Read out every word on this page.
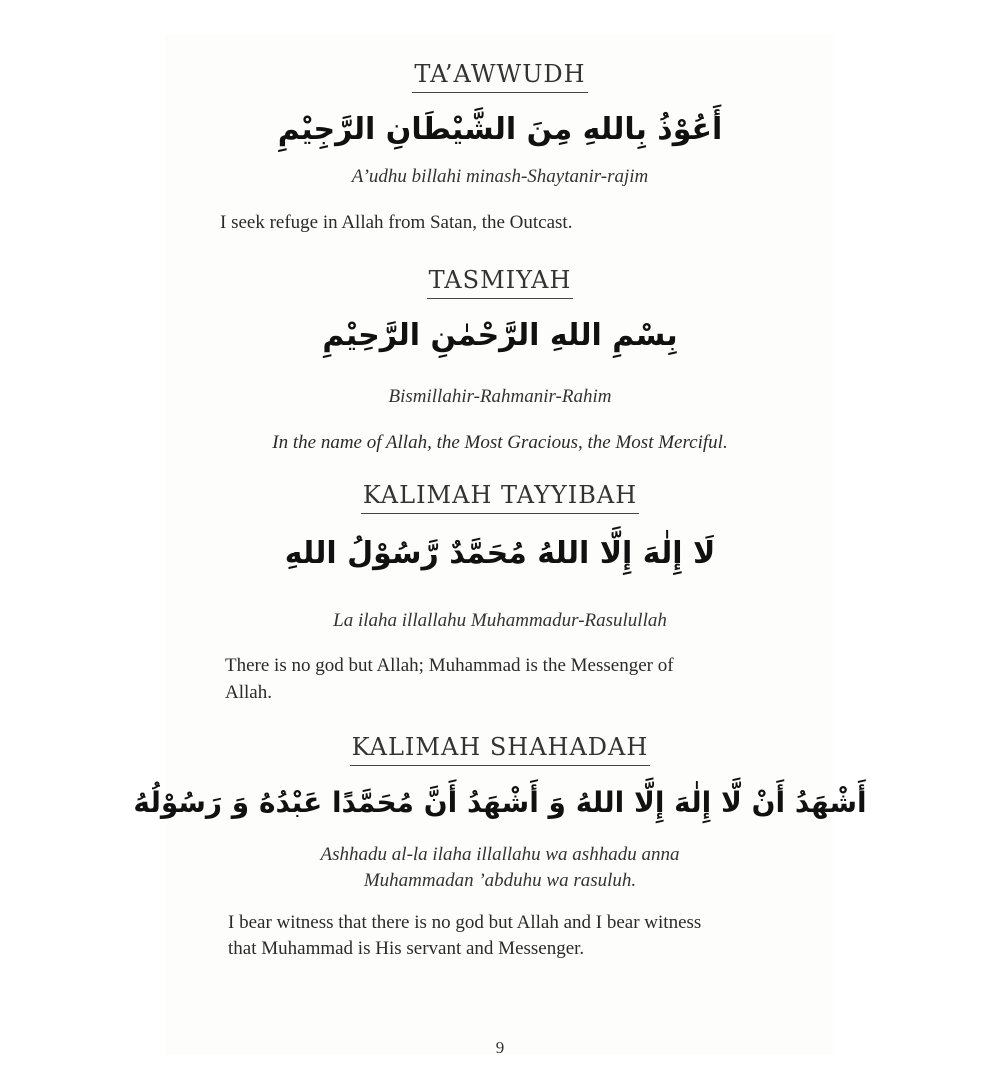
TA’AWWUDH
أَعُوْذُ بِاللهِ مِنَ الشَّيْطَانِ الرَّجِيْمِ
A’udhu billahi minash-Shaytanir-rajim
I seek refuge in Allah from Satan, the Outcast.
TASMIYAH
بِسْمِ اللهِ الرَّحْمٰنِ الرَّحِيْمِ
Bismillahir-Rahmanir-Rahim
In the name of Allah, the Most Gracious, the Most Merciful.
KALIMAH TAYYIBAH
لَا إِلٰهَ إِلَّا اللهُ مُحَمَّدٌ رَّسُوْلُ اللهِ
La ilaha illallahu Muhammadur-Rasulullah
There is no god but Allah; Muhammad is the Messenger of
Allah.
KALIMAH SHAHADAH
أَشْهَدُ أَنْ لَّا إِلٰهَ إِلَّا اللهُ وَ أَشْهَدُ أَنَّ مُحَمَّدًا عَبْدُهُ وَ رَسُوْلُهُ
Ashhadu al-la ilaha illallahu wa ashhadu anna
Muhammadan ’abduhu wa rasuluh.
I bear witness that there is no god but Allah and I bear witness
that Muhammad is His servant and Messenger.
9
